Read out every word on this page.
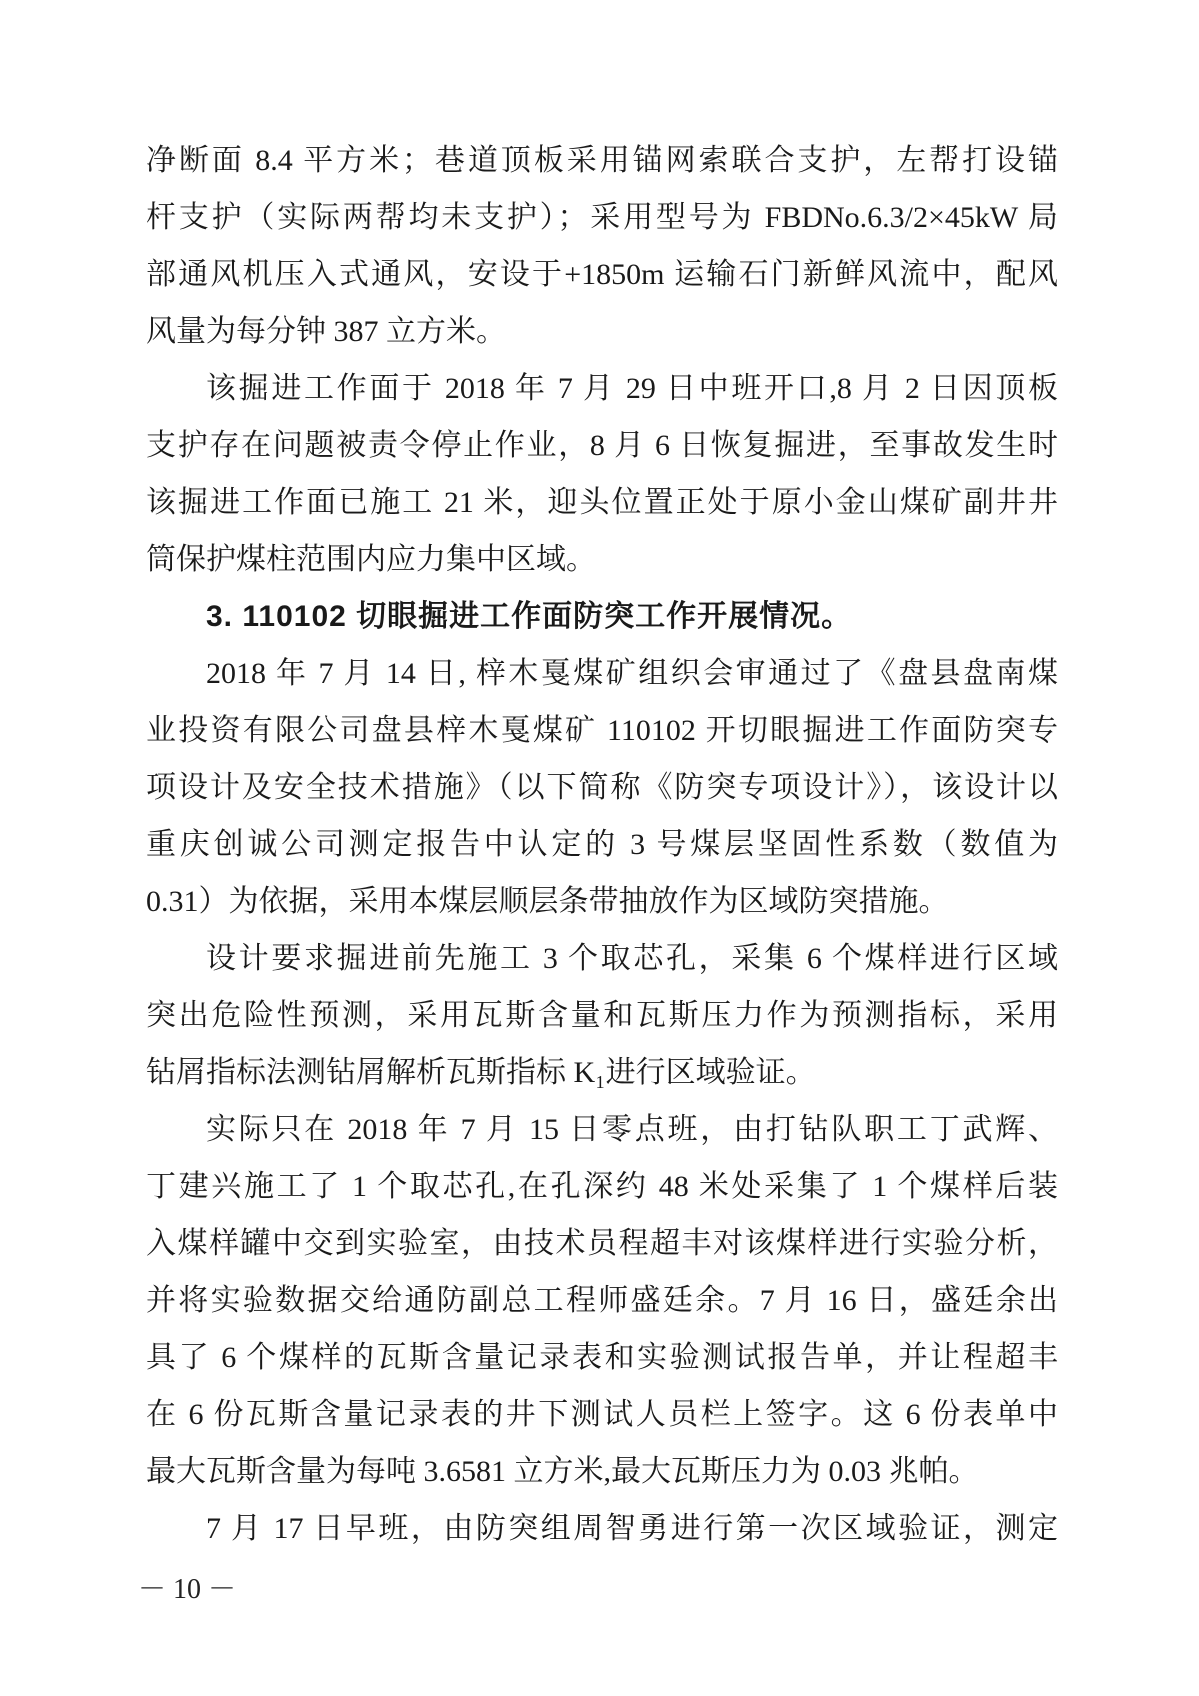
净断面 8.4 平方米；巷道顶板采用锚网索联合支护，左帮打设锚
杆支护（实际两帮均未支护）；采用型号为 FBDNo.6.3/2×45kW 局
部通风机压入式通风，安设于+1850m 运输石门新鲜风流中，配风
风量为每分钟 387 立方米。
该掘进工作面于 2018 年 7 月 29 日中班开口,8 月 2 日因顶板
支护存在问题被责令停止作业，8 月 6 日恢复掘进，至事故发生时
该掘进工作面已施工 21 米，迎头位置正处于原小金山煤矿副井井
筒保护煤柱范围内应力集中区域。
3. 110102 切眼掘进工作面防突工作开展情况。
2018 年 7 月 14 日, 梓木戛煤矿组织会审通过了《盘县盘南煤
业投资有限公司盘县梓木戛煤矿 110102 开切眼掘进工作面防突专
项设计及安全技术措施》（以下简称《防突专项设计》），该设计以
重庆创诚公司测定报告中认定的 3 号煤层坚固性系数（数值为
0.31）为依据，采用本煤层顺层条带抽放作为区域防突措施。
设计要求掘进前先施工 3 个取芯孔，采集 6 个煤样进行区域
突出危险性预测，采用瓦斯含量和瓦斯压力作为预测指标，采用
钻屑指标法测钻屑解析瓦斯指标 K₁进行区域验证。
实际只在 2018 年 7 月 15 日零点班，由打钻队职工丁武辉、
丁建兴施工了 1 个取芯孔,在孔深约 48 米处采集了 1 个煤样后装
入煤样罐中交到实验室，由技术员程超丰对该煤样进行实验分析，
并将实验数据交给通防副总工程师盛廷余。7 月 16 日，盛廷余出
具了 6 个煤样的瓦斯含量记录表和实验测试报告单，并让程超丰
在 6 份瓦斯含量记录表的井下测试人员栏上签字。这 6 份表单中
最大瓦斯含量为每吨 3.6581 立方米,最大瓦斯压力为 0.03 兆帕。
7 月 17 日早班，由防突组周智勇进行第一次区域验证，测定
－ 10 －
